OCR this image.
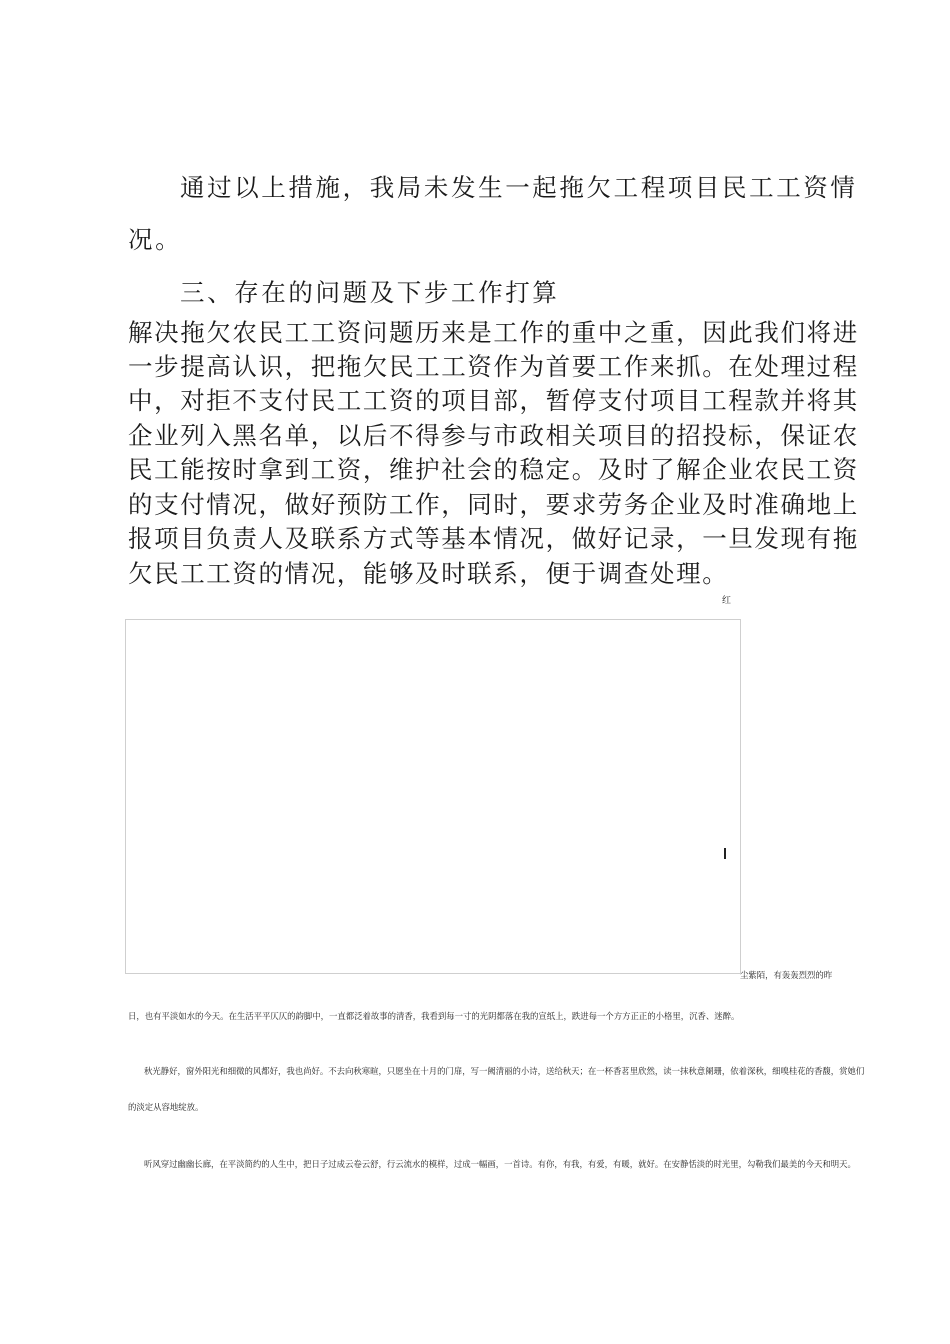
通过以上措施，我局未发生一起拖欠工程项目民工工资情

况。

三、存在的问题及下步工作打算

解决拖欠农民工工资问题历来是工作的重中之重，因此我们将进
一步提高认识，把拖欠民工工资作为首要工作来抓。在处理过程
中，对拒不支付民工工资的项目部，暂停支付项目工程款并将其
企业列入黑名单，以后不得参与市政相关项目的招投标，保证农
民工能按时拿到工资，维护社会的稳定。及时了解企业农民工资
的支付情况，做好预防工作，同时，要求劳务企业及时准确地上
报项目负责人及联系方式等基本情况，做好记录，一旦发现有拖
欠民工工资的情况，能够及时联系，便于调查处理。
红

尘紫陌，有轰轰烈烈的昨

日，也有平淡如水的今天。在生活平平仄仄的韵脚中，一直都泛着故事的清香，我看到每一寸的光阴都落在我的宣纸上，跌进每一个方方正正的小格里，沉香、迷醉。

秋光静好，窗外阳光和细微的风都好，我也尚好。不去向秋寒暄，只愿坐在十月的门扉，写一阙清丽的小诗，送给秋天；在一杯香茗里欣然，读一抹秋意阑珊，依着深秋，细嗅桂花的香馥，赏她们

的淡定从容地绽放。

听风穿过幽幽长廊，在平淡简约的人生中，把日子过成云卷云舒，行云流水的模样，过成一幅画，一首诗。有你，有我，有爱，有暖，就好。在安静恬淡的时光里，勾勒我们最美的今天和明天。
